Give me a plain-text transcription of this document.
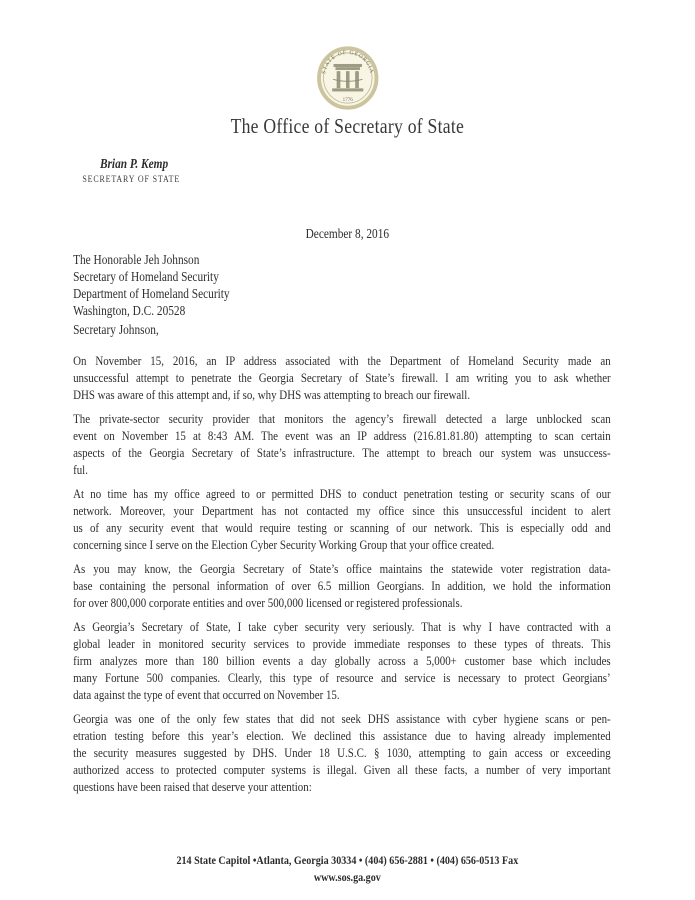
STATE OF GEORGIA
1776
The Office of Secretary of State
Brian P. Kemp
SECRETARY OF STATE
December 8, 2016
The Honorable Jeh Johnson
Secretary of Homeland Security
Department of Homeland Security
Washington, D.C. 20528
Secretary Johnson,
On November 15, 2016, an IP address associated with the Department of Homeland Security made an
unsuccessful attempt to penetrate the Georgia Secretary of State’s firewall. I am writing you to ask whether
DHS was aware of this attempt and, if so, why DHS was attempting to breach our firewall.
The private-sector security provider that monitors the agency’s firewall detected a large unblocked scan
event on November 15 at 8:43 AM. The event was an IP address (216.81.81.80) attempting to scan certain
aspects of the Georgia Secretary of State’s infrastructure. The attempt to breach our system was unsuccess-
ful.
At no time has my office agreed to or permitted DHS to conduct penetration testing or security scans of our
network. Moreover, your Department has not contacted my office since this unsuccessful incident to alert
us of any security event that would require testing or scanning of our network. This is especially odd and
concerning since I serve on the Election Cyber Security Working Group that your office created.
As you may know, the Georgia Secretary of State’s office maintains the statewide voter registration data-
base containing the personal information of over 6.5 million Georgians. In addition, we hold the information
for over 800,000 corporate entities and over 500,000 licensed or registered professionals.
As Georgia’s Secretary of State, I take cyber security very seriously. That is why I have contracted with a
global leader in monitored security services to provide immediate responses to these types of threats. This
firm analyzes more than 180 billion events a day globally across a 5,000+ customer base which includes
many Fortune 500 companies. Clearly, this type of resource and service is necessary to protect Georgians’
data against the type of event that occurred on November 15.
Georgia was one of the only few states that did not seek DHS assistance with cyber hygiene scans or pen-
etration testing before this year’s election. We declined this assistance due to having already implemented
the security measures suggested by DHS. Under 18 U.S.C. § 1030, attempting to gain access or exceeding
authorized access to protected computer systems is illegal. Given all these facts, a number of very important
questions have been raised that deserve your attention:
214 State Capitol •Atlanta, Georgia 30334 • (404) 656-2881 • (404) 656-0513 Fax
www.sos.ga.gov
